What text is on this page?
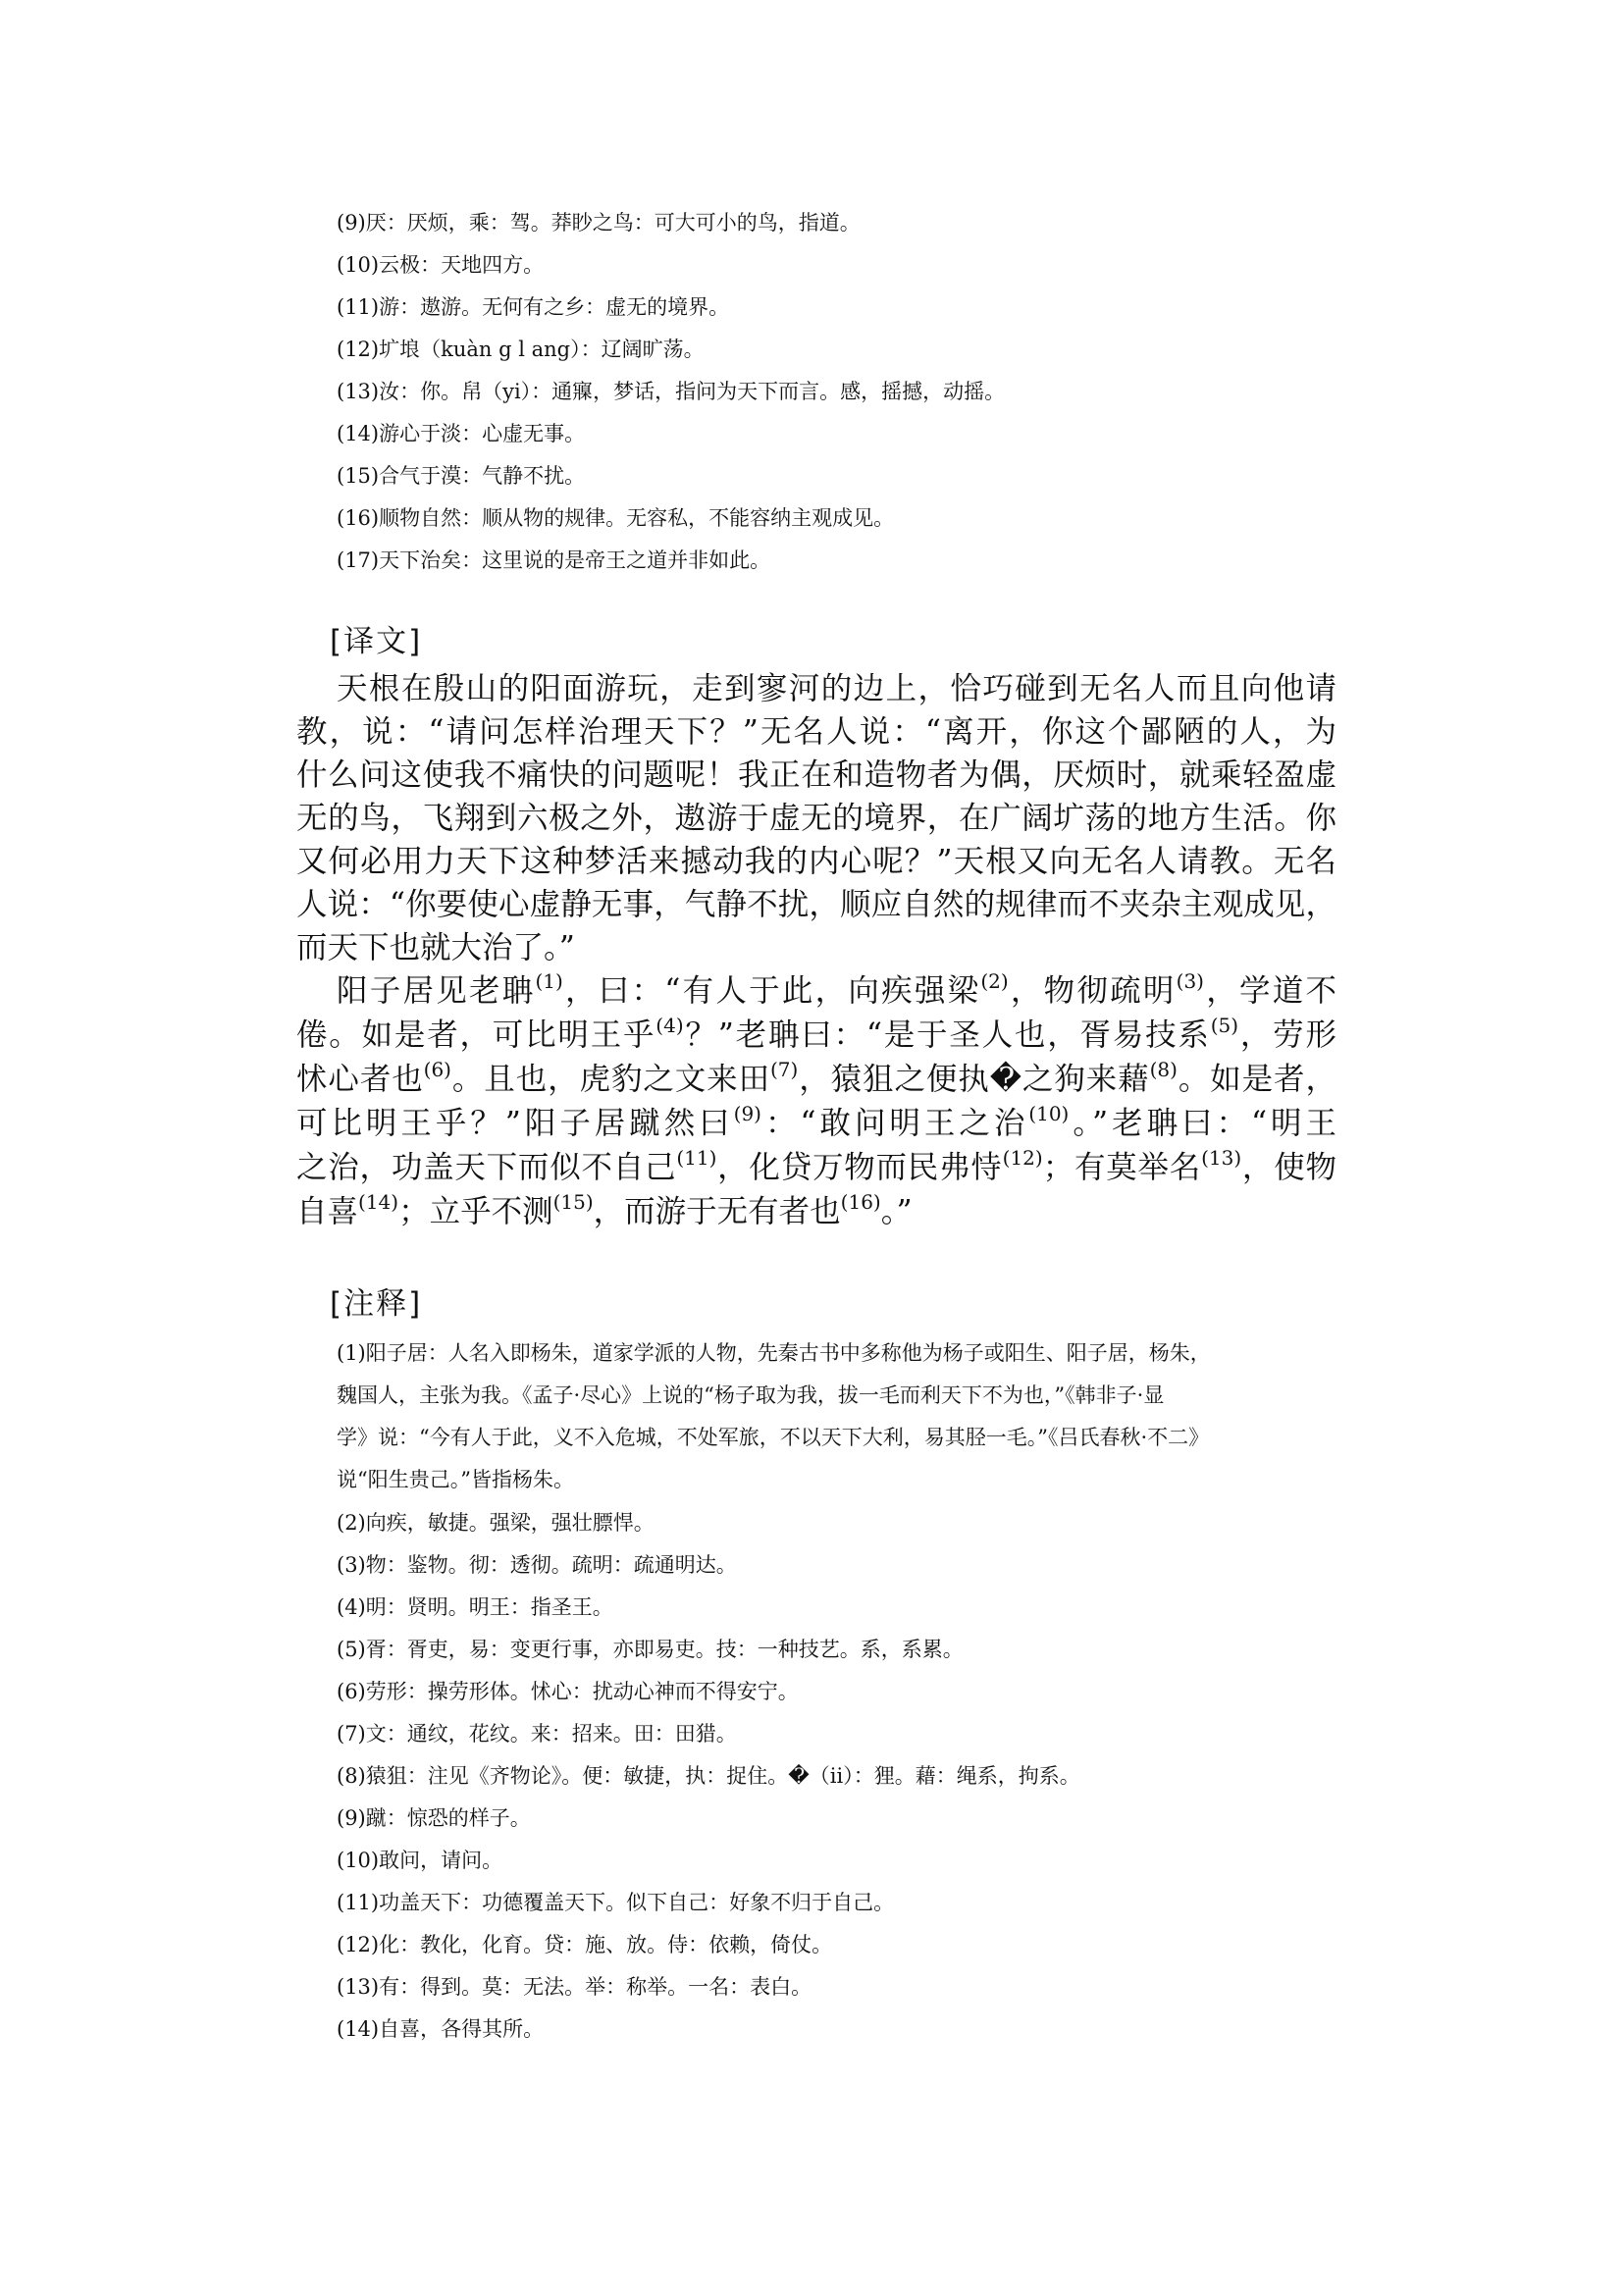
(9)厌：厌烦，乘：驾。莽眇之鸟：可大可小的鸟，指道。
(10)云极：天地四方。
(11)游：遨游。无何有之乡：虚无的境界。
(12)圹埌（kuàn g l ang）：辽阔旷荡。
(13)汝：你。帠（yi）：通寱，梦话，指问为天下而言。感，摇撼，动摇。
(14)游心于淡：心虚无事。
(15)合气于漠：气静不扰。
(16)顺物自然：顺从物的规律。无容私，不能容纳主观成见。
(17)天下治矣：这里说的是帝王之道并非如此。
[译文]
天根在殷山的阳面游玩，走到寥河的边上，恰巧碰到无名人而且向他请
教，说：“请问怎样治理天下？”无名人说：“离开，你这个鄙陋的人，为
什么问这使我不痛快的问题呢！我正在和造物者为偶，厌烦时，就乘轻盈虚
无的鸟，飞翔到六极之外，遨游于虚无的境界，在广阔圹荡的地方生活。你
又何必用力天下这种梦活来撼动我的内心呢？”天根又向无名人请教。无名
人说：“你要使心虚静无事，气静不扰，顺应自然的规律而不夹杂主观成见，
而天下也就大治了。”
阳子居见老聃$^{(1)}$，曰：“有人于此，向疾强梁$^{(2)}$，物彻疏明$^{(3)}$，学道不
倦。如是者，可比明王乎$^{(4)}$？”老聃曰：“是于圣人也，胥易技系$^{(5)}$，劳形
怵心者也$^{(6)}$。且也，虎豹之文来田$^{(7)}$，猿狙之便执�之狗来藉$^{(8)}$。如是者，
可比明王乎？”阳子居蹴然曰$^{(9)}$：“敢问明王之治$^{(10)}$。”老聃曰：“明王
之治，功盖天下而似不自己$^{(11)}$，化贷万物而民弗恃$^{(12)}$；有莫举名$^{(13)}$，使物
自喜$^{(14)}$；立乎不测$^{(15)}$，而游于无有者也$^{(16)}$。”
[注释]
(1)阳子居：人名入即杨朱，道家学派的人物，先秦古书中多称他为杨子或阳生、阳子居，杨朱，
魏国人，主张为我。《孟子·尽心》上说的“杨子取为我，拔一毛而利天下不为也，”《韩非子·显
学》说：“今有人于此，义不入危城，不处军旅，不以天下大利，易其胫一毛。”《吕氏春秋·不二》
说“阳生贵己。”皆指杨朱。
(2)向疾，敏捷。强梁，强壮膘悍。
(3)物：鉴物。彻：透彻。疏明：疏通明达。
(4)明：贤明。明王：指圣王。
(5)胥：胥吏，易：变更行事，亦即易吏。技：一种技艺。系，系累。
(6)劳形：操劳形体。怵心：扰动心神而不得安宁。
(7)文：通纹，花纹。来：招来。田：田猎。
(8)猿狙：注见《齐物论》。便：敏捷，执：捉住。�（ii）：狸。藉：绳系，拘系。
(9)蹴：惊恐的样子。
(10)敢问，请问。
(11)功盖天下：功德覆盖天下。似下自己：好象不归于自己。
(12)化：教化，化育。贷：施、放。侍：依赖，倚仗。
(13)有：得到。莫：无法。举：称举。一名：表白。
(14)自喜，各得其所。
